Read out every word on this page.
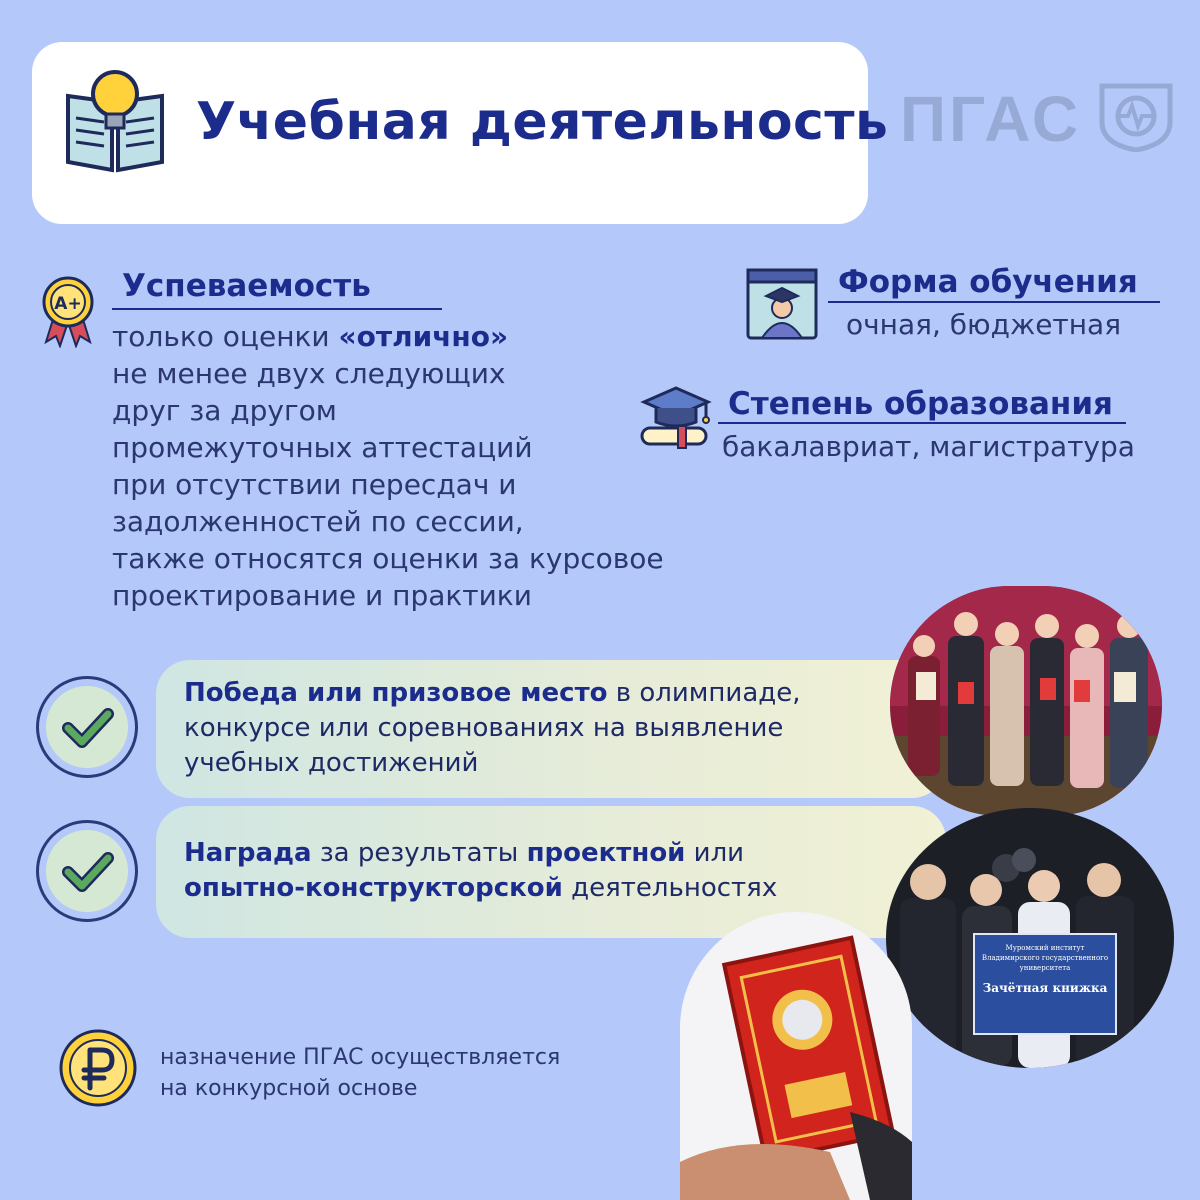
Учебная деятельность ПГАС
A+ Успеваемость
только оценки «отлично»
не менее двух следующих
друг за другом
промежуточных аттестаций
при отсутствии пересдач и
задолженностей по сессии,
также относятся оценки за курсовое
проектирование и практики
Форма обучения
очная, бюджетная
Степень образования
бакалавриат, магистратура
Победа или призовое место в олимпиаде,
конкурсе или соревнованиях на выявление
учебных достижений
Награда за результаты проектной или
опытно-конструкторской деятельностях
Муромский институт
Владимирского государственного
университета
Зачётная книжка
назначение ПГАС осуществляется
на конкурсной основе
